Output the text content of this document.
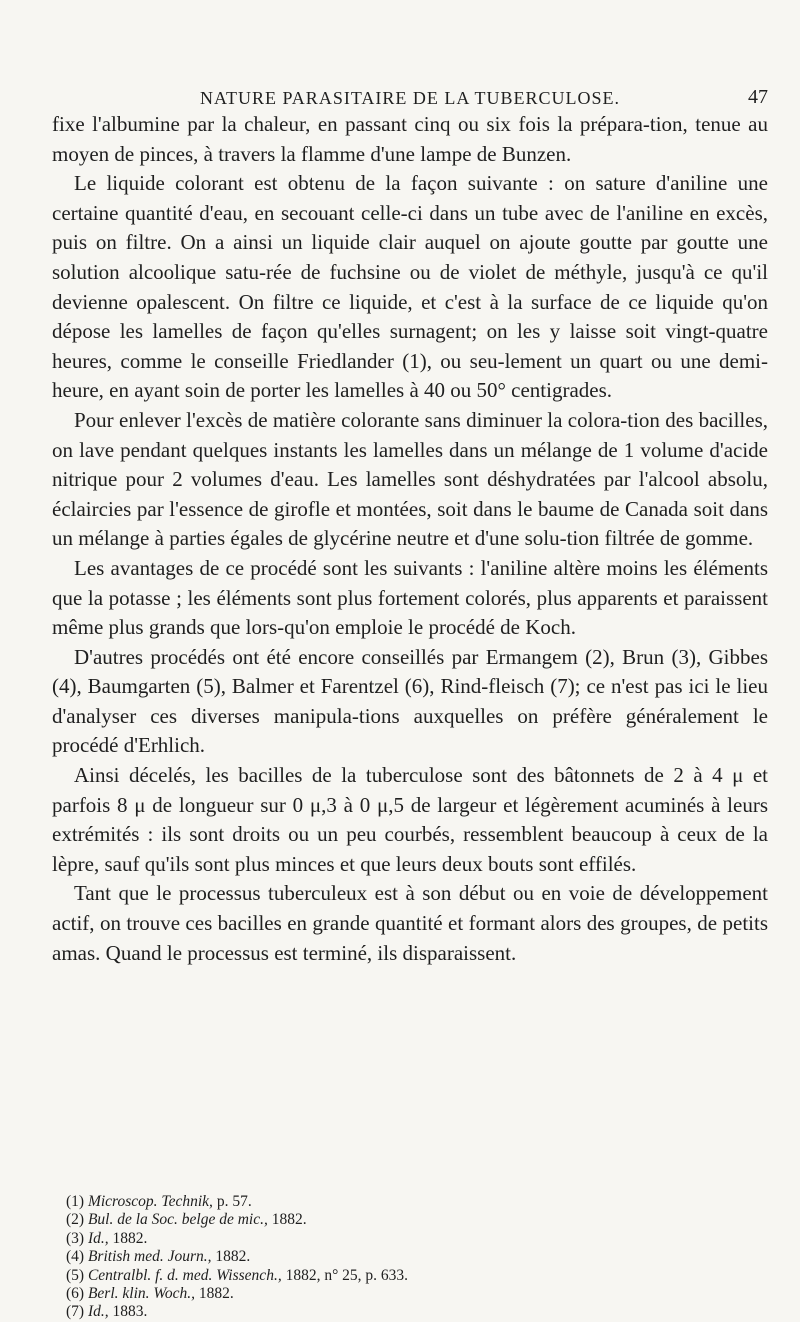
NATURE PARASITAIRE DE LA TUBERCULOSE.	47

fixe l'albumine par la chaleur, en passant cinq ou six fois la prépara-tion, tenue au moyen de pinces, à travers la flamme d'une lampe de Bunzen.

Le liquide colorant est obtenu de la façon suivante : on sature d'aniline une certaine quantité d'eau, en secouant celle-ci dans un tube avec de l'aniline en excès, puis on filtre. On a ainsi un liquide clair auquel on ajoute goutte par goutte une solution alcoolique satu-rée de fuchsine ou de violet de méthyle, jusqu'à ce qu'il devienne opalescent. On filtre ce liquide, et c'est à la surface de ce liquide qu'on dépose les lamelles de façon qu'elles surnagent; on les y laisse soit vingt-quatre heures, comme le conseille Friedlander (1), ou seu-lement un quart ou une demi-heure, en ayant soin de porter les lamelles à 40 ou 50° centigrades.

Pour enlever l'excès de matière colorante sans diminuer la colora-tion des bacilles, on lave pendant quelques instants les lamelles dans un mélange de 1 volume d'acide nitrique pour 2 volumes d'eau. Les lamelles sont déshydratées par l'alcool absolu, éclaircies par l'essence de girofle et montées, soit dans le baume de Canada soit dans un mélange à parties égales de glycérine neutre et d'une solu-tion filtrée de gomme.

Les avantages de ce procédé sont les suivants : l'aniline altère moins les éléments que la potasse ; les éléments sont plus fortement colorés, plus apparents et paraissent même plus grands que lors-qu'on emploie le procédé de Koch.

D'autres procédés ont été encore conseillés par Ermangem (2), Brun (3), Gibbes (4), Baumgarten (5), Balmer et Farentzel (6), Rind-fleisch (7); ce n'est pas ici le lieu d'analyser ces diverses manipula-tions auxquelles on préfère généralement le procédé d'Erhlich.

Ainsi décelés, les bacilles de la tuberculose sont des bâtonnets de 2 à 4 μ et parfois 8 μ de longueur sur 0 μ,3 à 0 μ,5 de largeur et légèrement acuminés à leurs extrémités : ils sont droits ou un peu courbés, ressemblent beaucoup à ceux de la lèpre, sauf qu'ils sont plus minces et que leurs deux bouts sont effilés.

Tant que le processus tuberculeux est à son début ou en voie de développement actif, on trouve ces bacilles en grande quantité et formant alors des groupes, de petits amas. Quand le processus est terminé, ils disparaissent.

(1) Microscop. Technik, p. 57.
(2) Bul. de la Soc. belge de mic., 1882.
(3) Id., 1882.
(4) British med. Journ., 1882.
(5) Centralbl. f. d. med. Wissench., 1882, n° 25, p. 633.
(6) Berl. klin. Woch., 1882.
(7) Id., 1883.
